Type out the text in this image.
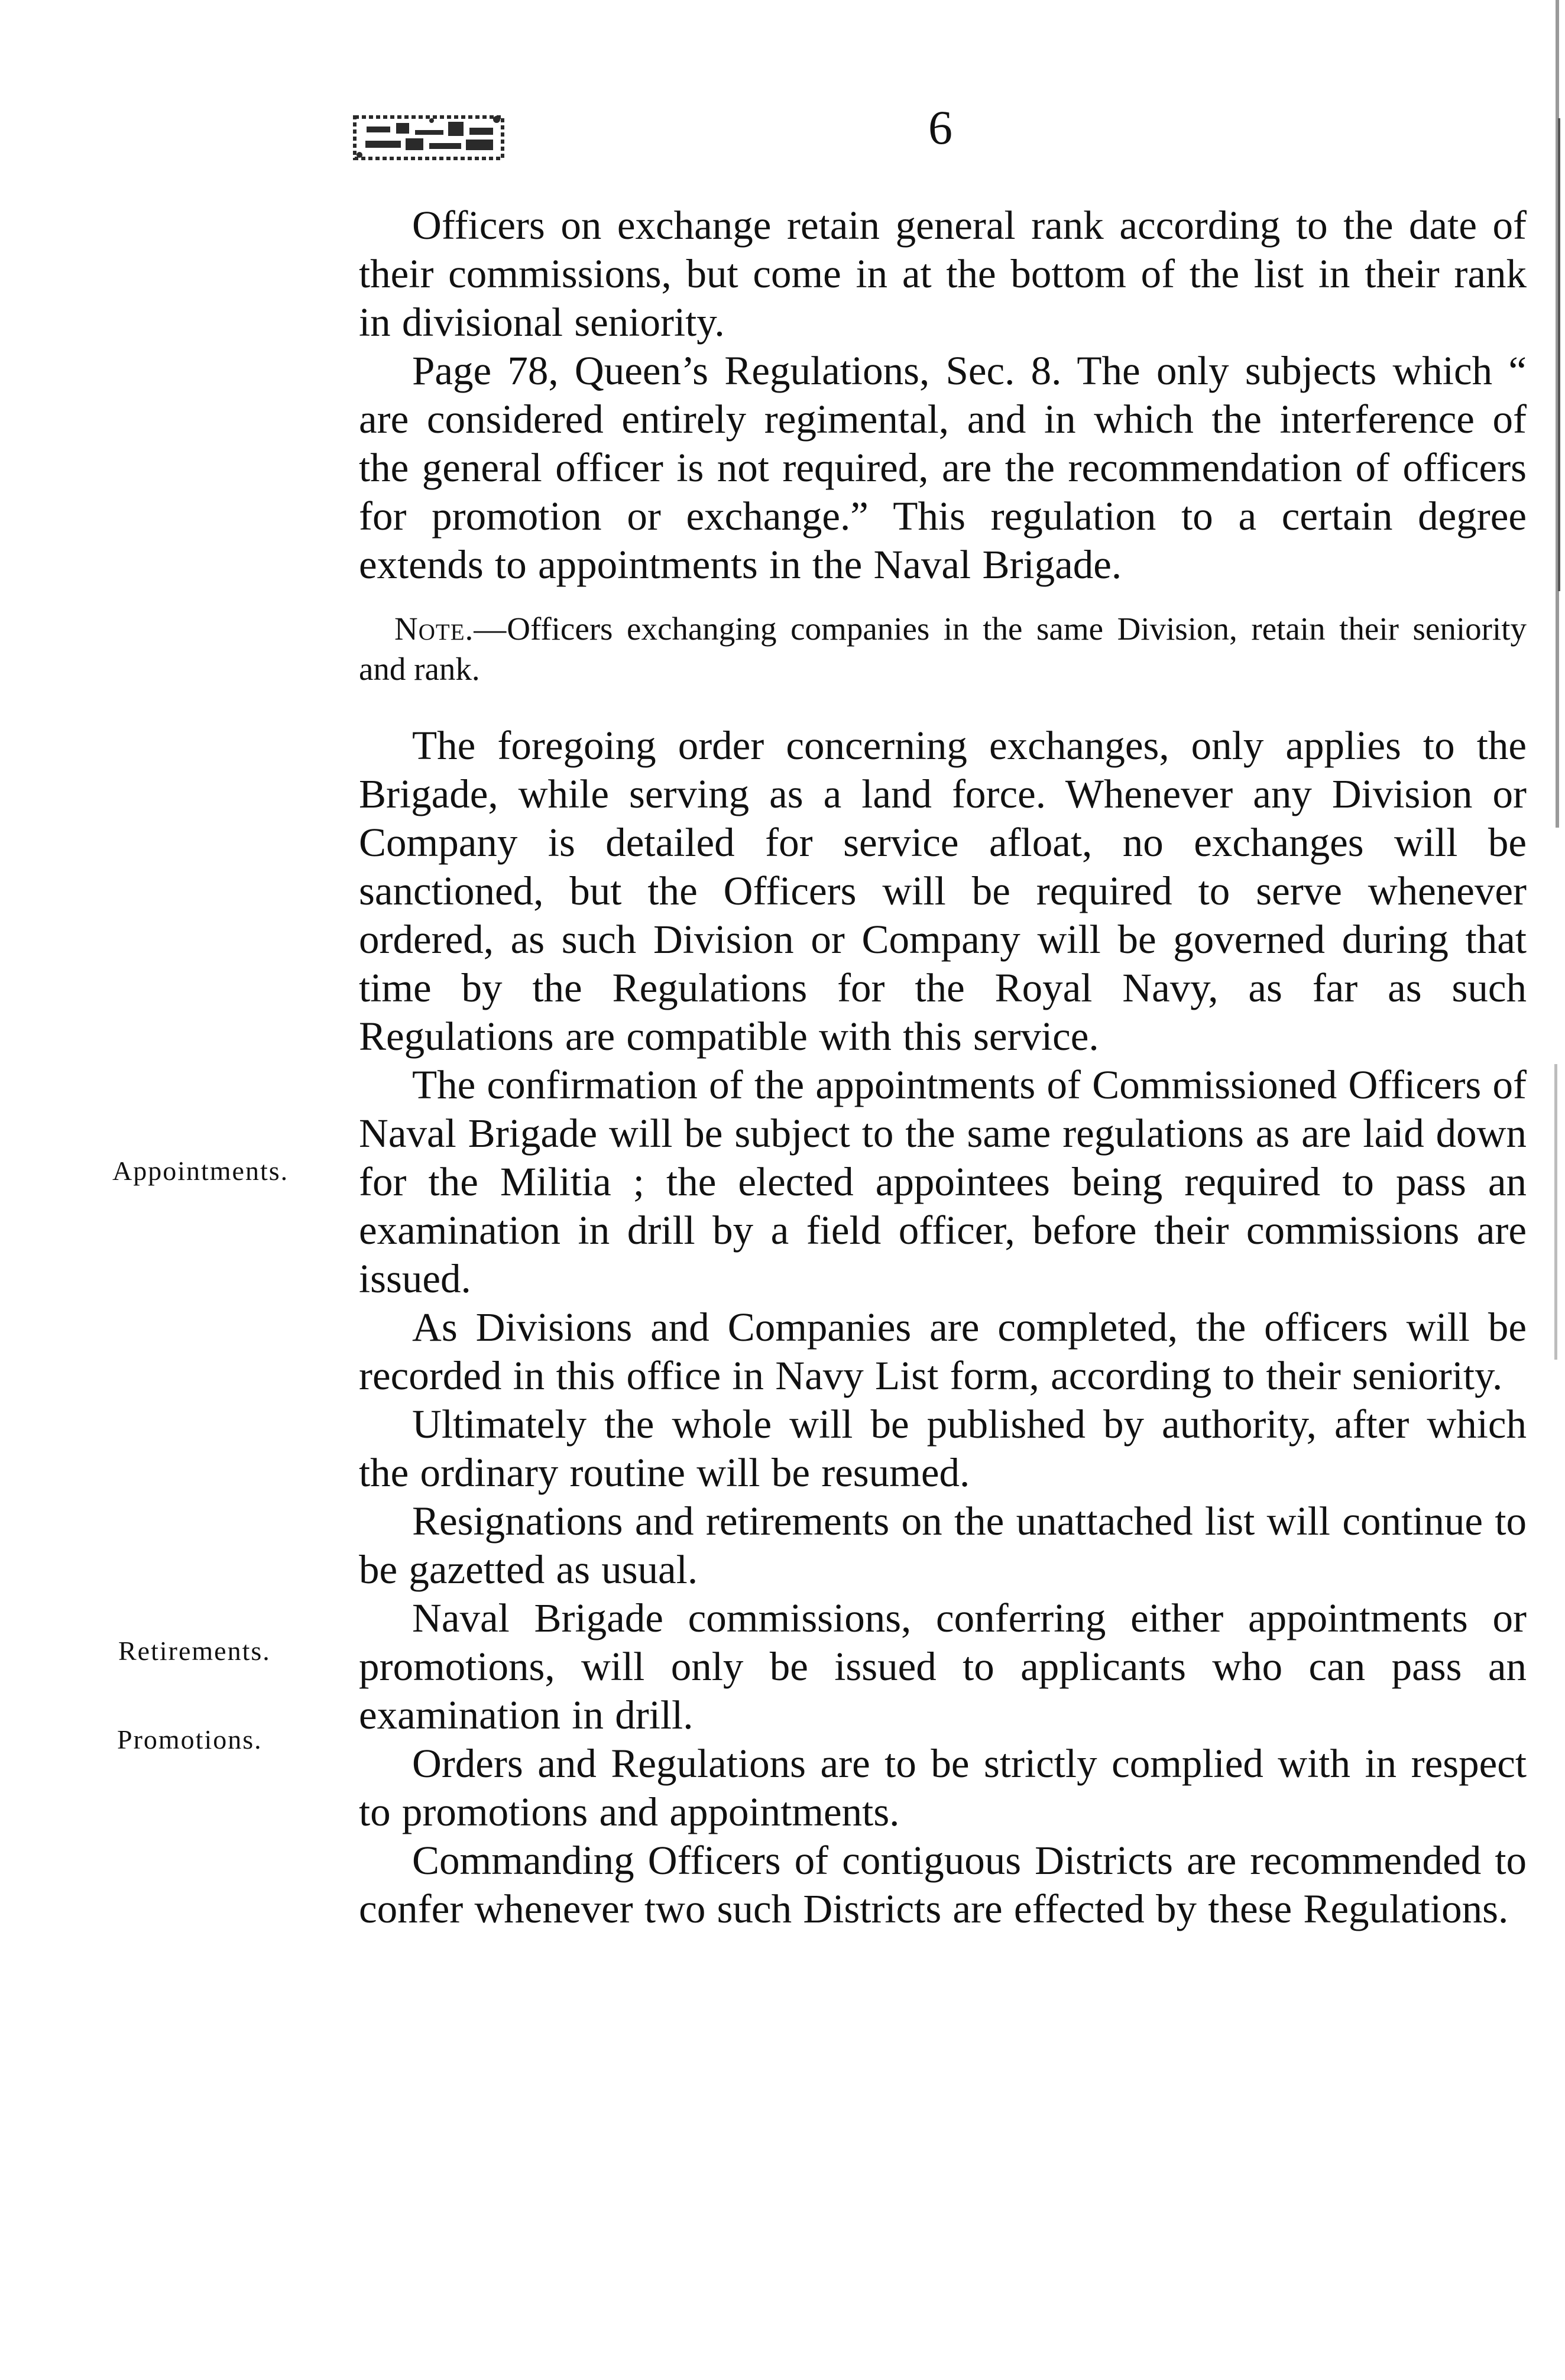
6

Officers on exchange retain general rank according to the date of their commissions, but come in at the bottom of the list in their rank in divisional seniority.

Page 78, Queen’s Regulations, Sec. 8. The only subjects which “ are considered entirely regimental, and in which the interference of the general officer is not required, are the recommendation of officers for promotion or exchange.” This regulation to a certain degree extends to appointments in the Naval Brigade.

Note.—Officers exchanging companies in the same Division, retain their seniority and rank.

The foregoing order concerning exchanges, only applies to the Brigade, while serving as a land force. Whenever any Division or Company is detailed for service afloat, no exchanges will be sanctioned, but the Officers will be required to serve whenever ordered, as such Division or Company will be governed during that time by the Regulations for the Royal Navy, as far as such Regulations are compatible with this service.

The confirmation of the appointments of Commissioned Officers of Naval Brigade will be subject to the same regulations as are laid down for the Militia ; the elected appointees being required to pass an examination in drill by a field officer, before their commissions are issued.

As Divisions and Companies are completed, the officers will be recorded in this office in Navy List form, according to their seniority.

Ultimately the whole will be published by authority, after which the ordinary routine will be resumed.

Resignations and retirements on the unattached list will continue to be gazetted as usual.

Naval Brigade commissions, conferring either appointments or promotions, will only be issued to applicants who can pass an examination in drill.

Orders and Regulations are to be strictly complied with in respect to promotions and appointments.

Commanding Officers of contiguous Districts are recommended to confer whenever two such Districts are effected by these Regulations.

Appointments.
Retirements.
Promotions.
